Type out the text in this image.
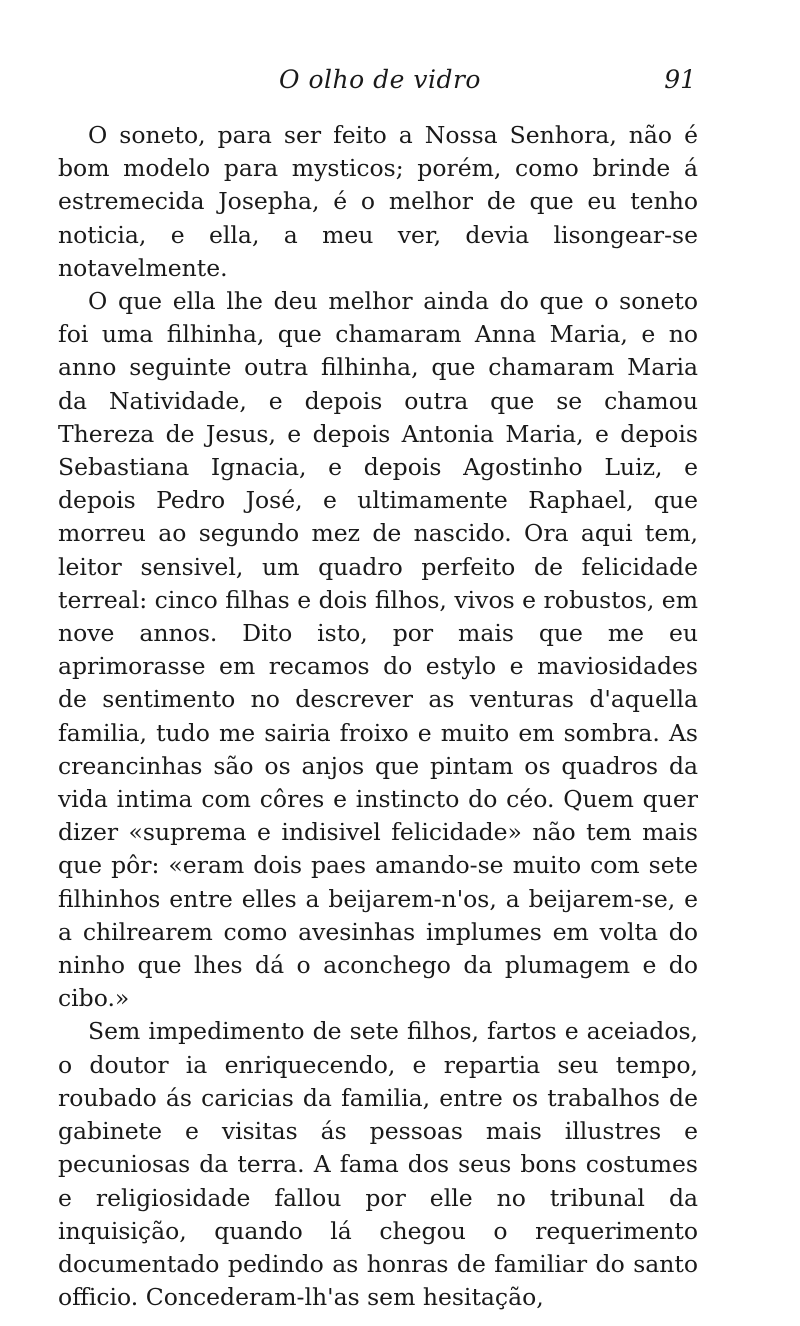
O olho de vidro	91

O soneto, para ser feito a Nossa Senhora, não é bom modelo para mysticos; porém, como brinde á estremecida Josepha, é o melhor de que eu tenho noticia, e ella, a meu ver, devia lisongear-se notavelmente.

O que ella lhe deu melhor ainda do que o soneto foi uma filhinha, que chamaram Anna Maria, e no anno seguinte outra filhinha, que chamaram Maria da Natividade, e depois outra que se chamou Thereza de Jesus, e depois Antonia Maria, e depois Sebastiana Ignacia, e depois Agostinho Luiz, e depois Pedro José, e ultimamente Raphael, que morreu ao segundo mez de nascido. Ora aqui tem, leitor sensivel, um quadro perfeito de felicidade terreal: cinco filhas e dois filhos, vivos e robustos, em nove annos. Dito isto, por mais que me eu aprimorasse em recamos do estylo e maviosidades de sentimento no descrever as venturas d'aquella familia, tudo me sairia froixo e muito em sombra. As creancinhas são os anjos que pintam os quadros da vida intima com côres e instincto do céo. Quem quer dizer «suprema e indisivel felicidade» não tem mais que pôr: «eram dois paes amando-se muito com sete filhinhos entre elles a beijarem-n'os, a beijarem-se, e a chilrearem como avesinhas implumes em volta do ninho que lhes dá o aconchego da plumagem e do cibo.»

Sem impedimento de sete filhos, fartos e aceiados, o doutor ia enriquecendo, e repartia seu tempo, roubado ás caricias da familia, entre os trabalhos de gabinete e visitas ás pessoas mais illustres e pecuniosas da terra. A fama dos seus bons costumes e religiosidade fallou por elle no tribunal da inquisição, quando lá chegou o requerimento documentado pedindo as honras de familiar do santo officio. Concederam-lh'as sem hesitação,
